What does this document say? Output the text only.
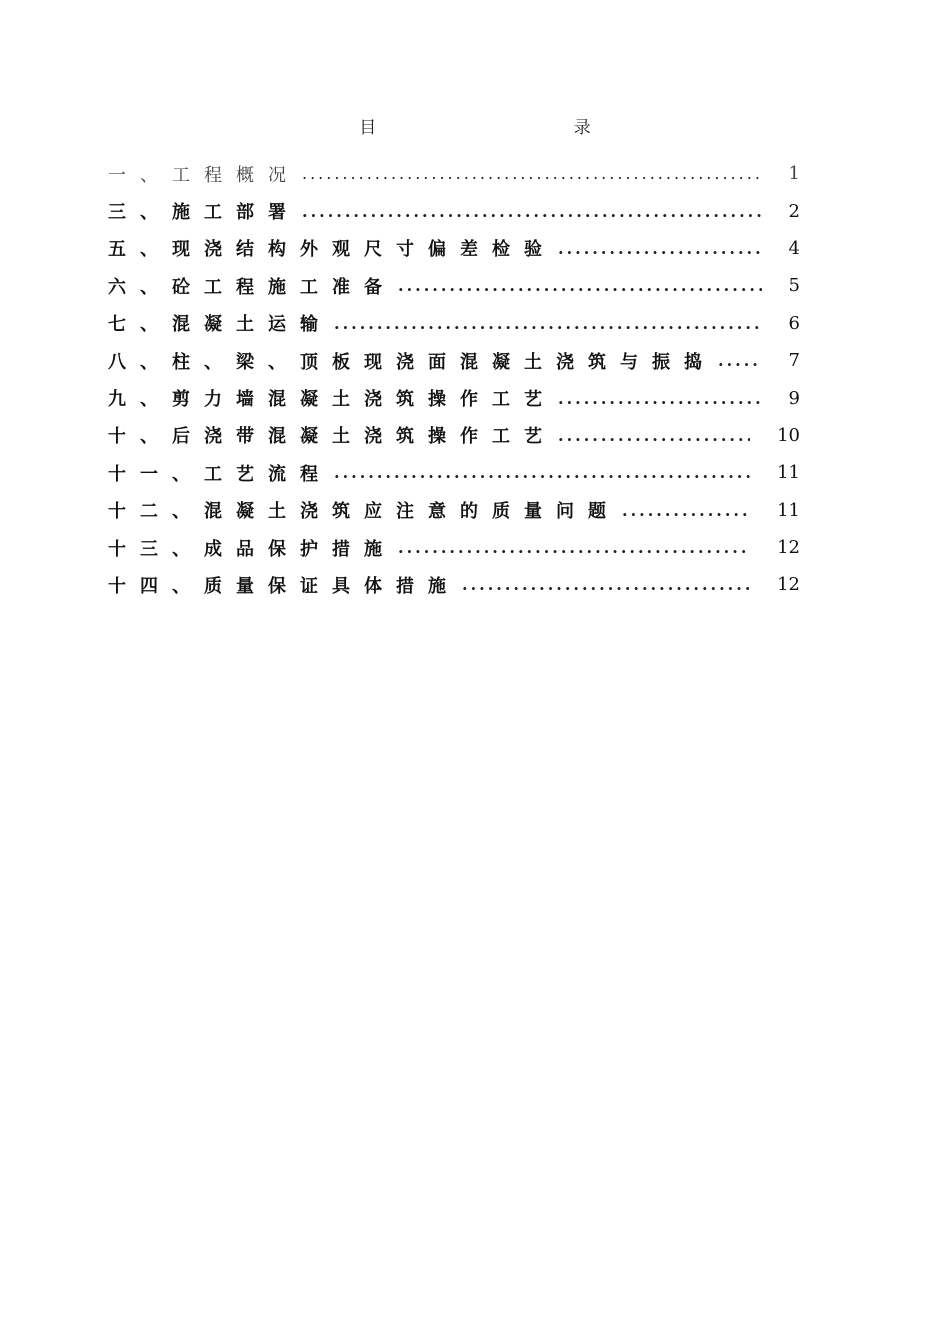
目 录
一、工程概况 .....	1
三、施工部署 .....	2
五、现浇结构外观尺寸偏差检验 .....	4
六、砼工程施工准备 .....	5
七、混凝土运输 .....	6
八、柱、梁、顶板现浇面混凝土浇筑与振捣 .....	7
九、剪力墙混凝土浇筑操作工艺 .....	9
十、后浇带混凝土浇筑操作工艺 .....	10
十一、工艺流程 .....	11
十二、混凝土浇筑应注意的质量问题 .....	11
十三、成品保护措施 .....	12
十四、质量保证具体措施 .....	12
